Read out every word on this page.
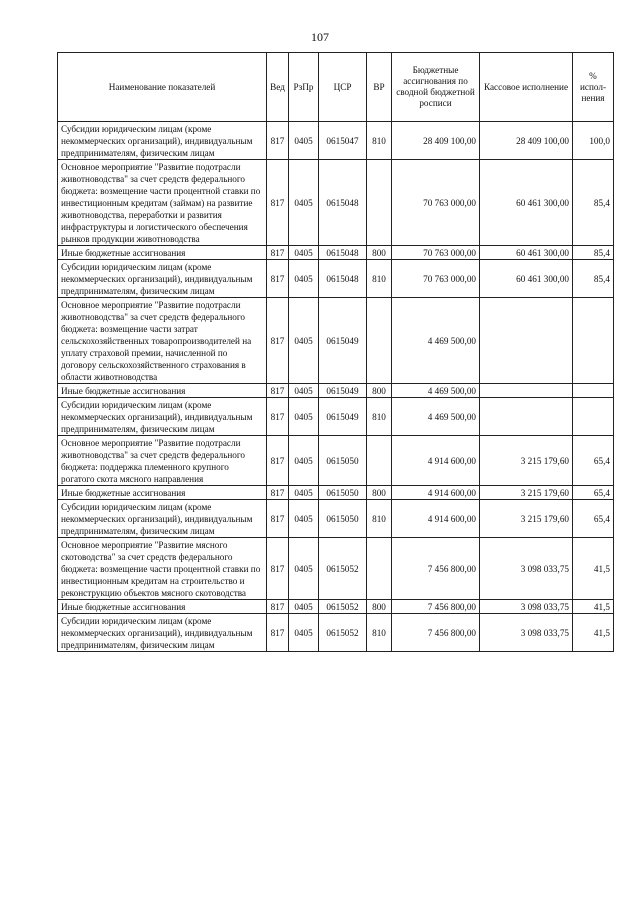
107
Наименование показателей	Вед	РзПр	ЦСР	ВР	Бюджетные ассигнования по сводной бюджетной росписи	Кассовое исполнение	% испол-нения
Субсидии юридическим лицам (кроме некоммерческих организаций), индивидуальным предпринимателям, физическим лицам	817	0405	0615047	810	28 409 100,00	28 409 100,00	100,0
Основное мероприятие "Развитие подотрасли животноводства" за счет средств федерального бюджета: возмещение части процентной ставки по инвестиционным кредитам (займам) на развитие животноводства, переработки и развития инфраструктуры и логистического обеспечения рынков продукции животноводства	817	0405	0615048		70 763 000,00	60 461 300,00	85,4
Иные бюджетные ассигнования	817	0405	0615048	800	70 763 000,00	60 461 300,00	85,4
Субсидии юридическим лицам (кроме некоммерческих организаций), индивидуальным предпринимателям, физическим лицам	817	0405	0615048	810	70 763 000,00	60 461 300,00	85,4
Основное мероприятие "Развитие подотрасли животноводства" за счет средств федерального бюджета: возмещение части затрат сельскохозяйственных товаропроизводителей на уплату страховой премии, начисленной по договору сельскохозяйственного страхования в области животноводства	817	0405	0615049		4 469 500,00		
Иные бюджетные ассигнования	817	0405	0615049	800	4 469 500,00		
Субсидии юридическим лицам (кроме некоммерческих организаций), индивидуальным предпринимателям, физическим лицам	817	0405	0615049	810	4 469 500,00		
Основное мероприятие "Развитие подотрасли животноводства" за счет средств федерального бюджета: поддержка племенного крупного рогатого скота мясного направления	817	0405	0615050		4 914 600,00	3 215 179,60	65,4
Иные бюджетные ассигнования	817	0405	0615050	800	4 914 600,00	3 215 179,60	65,4
Субсидии юридическим лицам (кроме некоммерческих организаций), индивидуальным предпринимателям, физическим лицам	817	0405	0615050	810	4 914 600,00	3 215 179,60	65,4
Основное мероприятие "Развитие мясного скотоводства" за счет средств федерального бюджета: возмещение части процентной ставки по инвестиционным кредитам на строительство и реконструкцию объектов мясного скотоводства	817	0405	0615052		7 456 800,00	3 098 033,75	41,5
Иные бюджетные ассигнования	817	0405	0615052	800	7 456 800,00	3 098 033,75	41,5
Субсидии юридическим лицам (кроме некоммерческих организаций), индивидуальным предпринимателям, физическим лицам	817	0405	0615052	810	7 456 800,00	3 098 033,75	41,5
